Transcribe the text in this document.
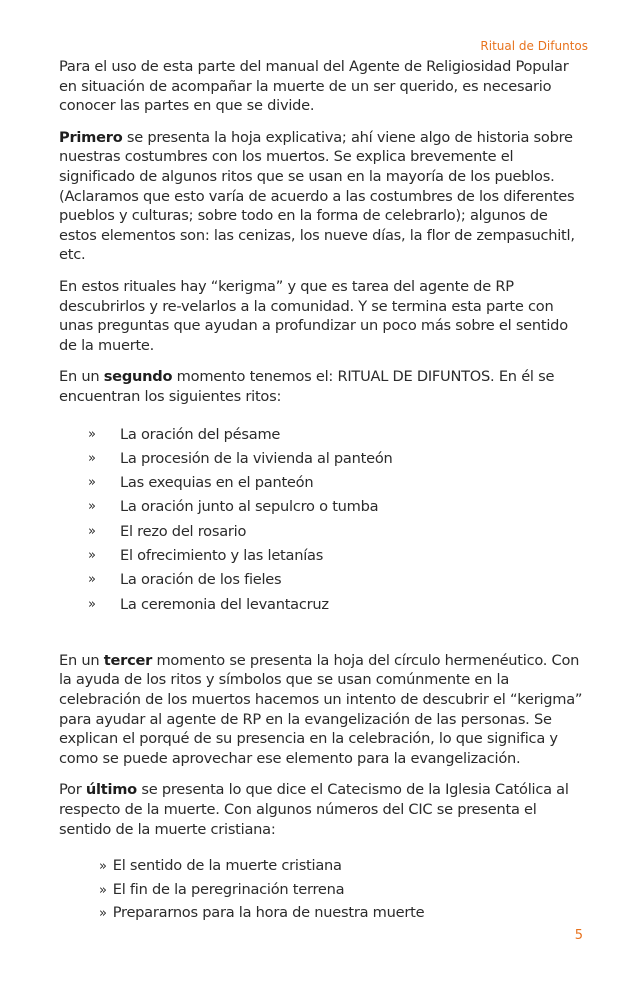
Ritual de Difuntos

Para el uso de esta parte del manual del Agente de Religiosidad Popular en situación de acompañar la muerte de un ser querido, es necesario conocer las partes en que se divide.

Primero se presenta la hoja explicativa; ahí viene algo de historia sobre nuestras costumbres con los muertos. Se explica brevemente el significado de algunos ritos que se usan en la mayoría de los pueblos. (Aclaramos que esto varía de acuerdo a las costumbres de los diferentes pueblos y culturas; sobre todo en la forma de celebrarlo); algunos de estos elementos son: las cenizas, los nueve días, la flor de zempasuchitl, etc.

En estos rituales hay “kerigma” y que es tarea del agente de RP descubrirlos y re-velarlos a la comunidad. Y se termina esta parte con unas preguntas que ayudan a profundizar un poco más sobre el sentido de la muerte.

En un segundo momento tenemos el: RITUAL DE DIFUNTOS. En él se encuentran los siguientes ritos:

» La oración del pésame
» La procesión de la vivienda al panteón
» Las exequias en el panteón
» La oración junto al sepulcro o tumba
» El rezo del rosario
» El ofrecimiento y las letanías
» La oración de los fieles
» La ceremonia del levantacruz

En un tercer momento se presenta la hoja del círculo hermenéutico. Con la ayuda de los ritos y símbolos que se usan comúnmente en la celebración de los muertos hacemos un intento de descubrir el “kerigma” para ayudar al agente de RP en la evangelización de las personas. Se explican el porqué de su presencia en la celebración, lo que significa y como se puede aprovechar ese elemento para la evangelización.

Por último se presenta lo que dice el Catecismo de la Iglesia Católica al respecto de la muerte. Con algunos números del CIC se presenta el sentido de la muerte cristiana:

» El sentido de la muerte cristiana
» El fin de la peregrinación terrena
» Prepararnos para la hora de nuestra muerte
5
